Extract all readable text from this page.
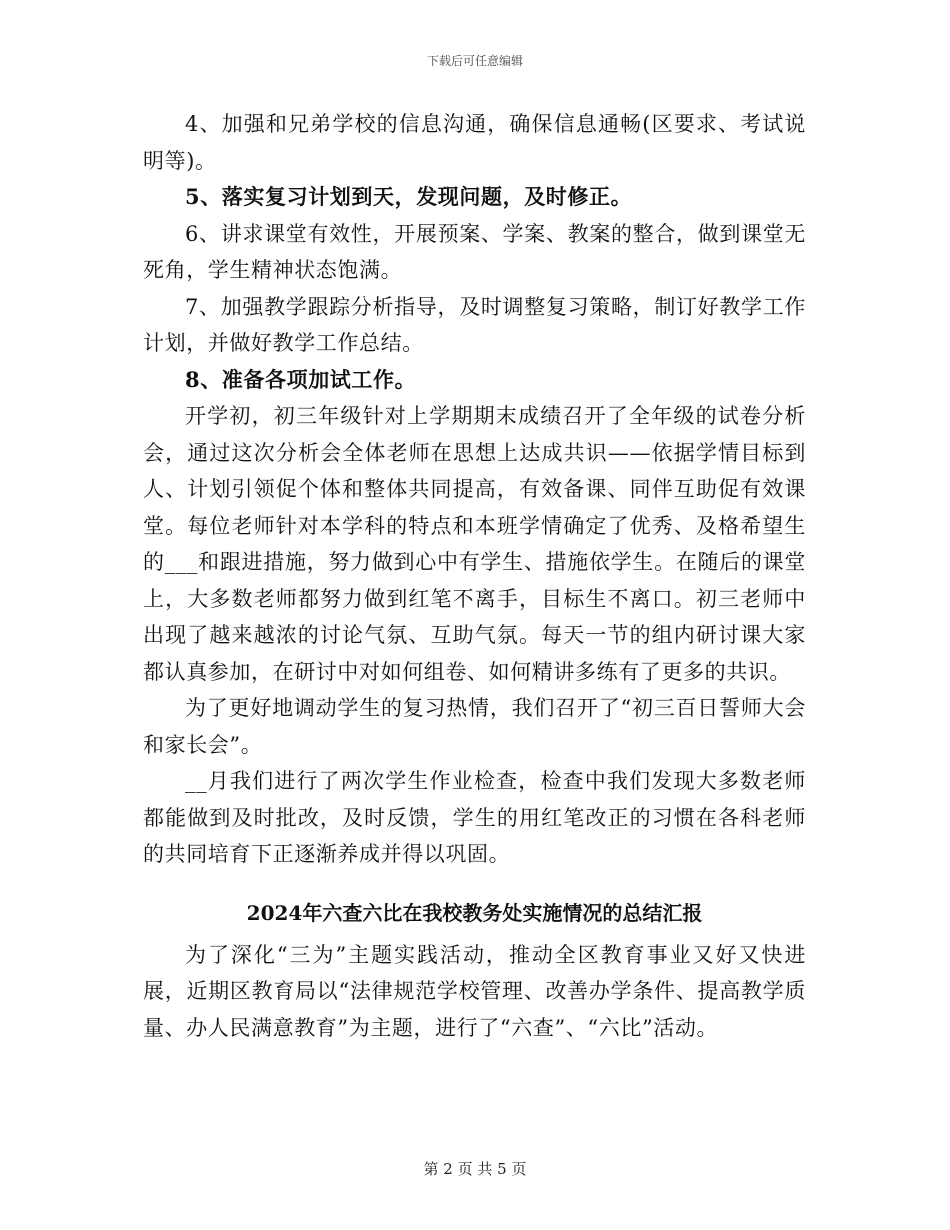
下载后可任意编辑

4、加强和兄弟学校的信息沟通，确保信息通畅(区要求、考试说明等)。

5、落实复习计划到天，发现问题，及时修正。

6、讲求课堂有效性，开展预案、学案、教案的整合，做到课堂无死角，学生精神状态饱满。

7、加强教学跟踪分析指导，及时调整复习策略，制订好教学工作计划，并做好教学工作总结。

8、准备各项加试工作。

开学初，初三年级针对上学期期末成绩召开了全年级的试卷分析会，通过这次分析会全体老师在思想上达成共识——依据学情目标到人、计划引领促个体和整体共同提高，有效备课、同伴互助促有效课堂。每位老师针对本学科的特点和本班学情确定了优秀、及格希望生的___和跟进措施，努力做到心中有学生、措施依学生。在随后的课堂上，大多数老师都努力做到红笔不离手，目标生不离口。初三老师中出现了越来越浓的讨论气氛、互助气氛。每天一节的组内研讨课大家都认真参加，在研讨中对如何组卷、如何精讲多练有了更多的共识。

为了更好地调动学生的复习热情，我们召开了“初三百日誓师大会和家长会”。

__月我们进行了两次学生作业检查，检查中我们发现大多数老师都能做到及时批改，及时反馈，学生的用红笔改正的习惯在各科老师的共同培育下正逐渐养成并得以巩固。

2024年六查六比在我校教务处实施情况的总结汇报

为了深化“三为”主题实践活动，推动全区教育事业又好又快进展，近期区教育局以“法律规范学校管理、改善办学条件、提高教学质量、办人民满意教育”为主题，进行了“六查”、“六比”活动。

第 2 页 共 5 页
